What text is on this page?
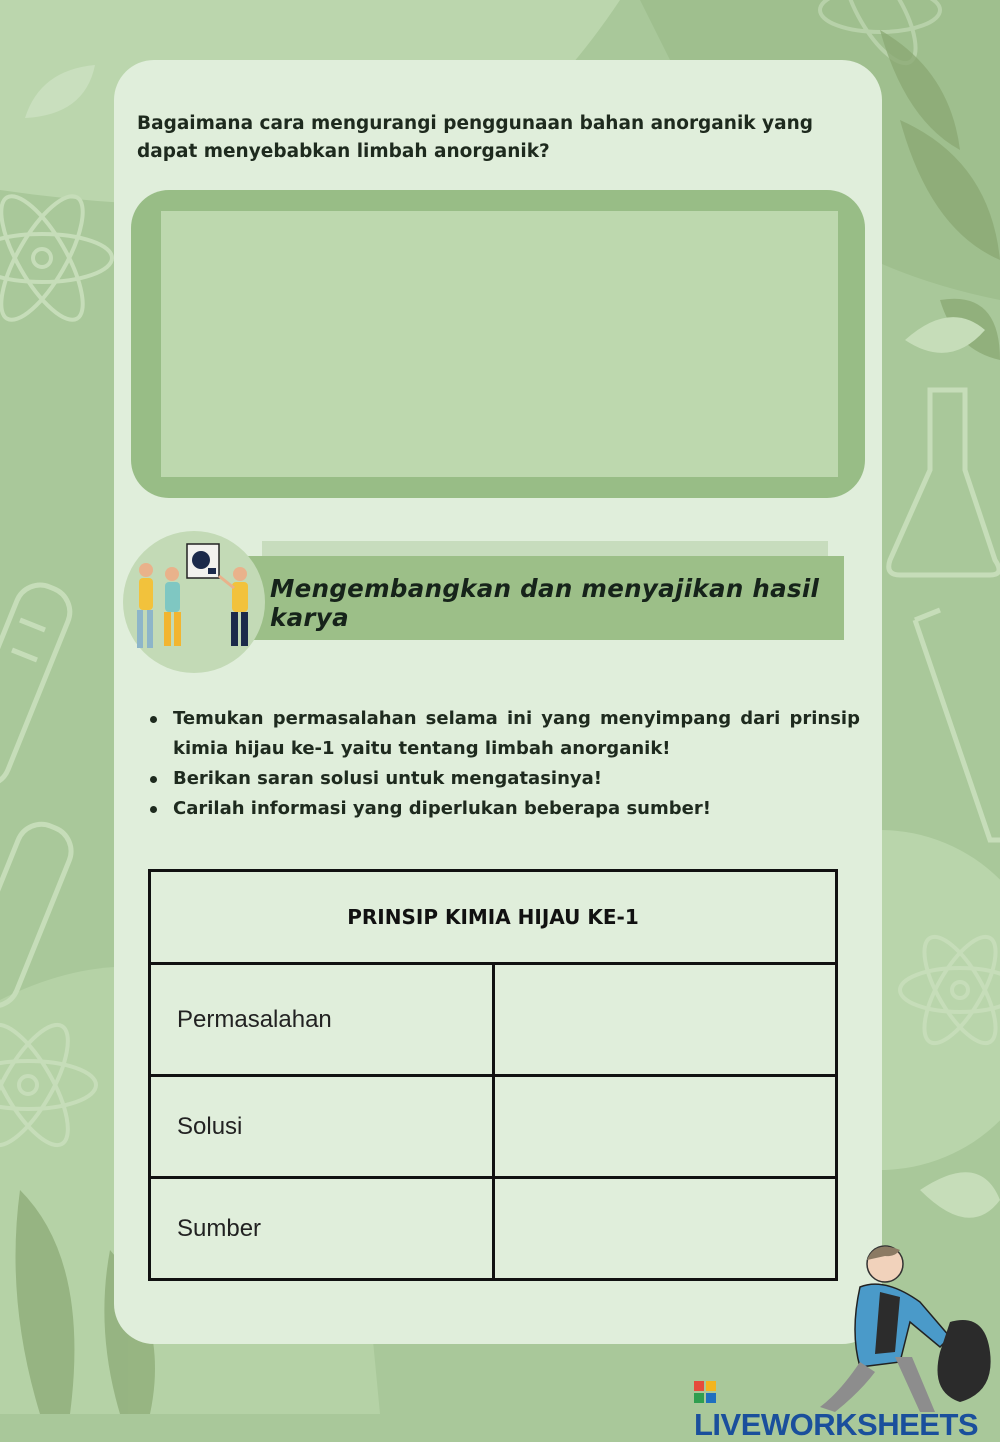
Bagaimana cara mengurangi penggunaan bahan anorganik yang dapat menyebabkan limbah anorganik?
Mengembangkan dan menyajikan hasil karya
Temukan permasalahan selama ini yang menyimpang dari prinsip kimia hijau ke-1 yaitu tentang limbah anorganik!
Berikan saran solusi untuk mengatasinya!
Carilah informasi yang diperlukan beberapa sumber!
PRINSIP KIMIA HIJAU KE-1	
Permasalahan	
Solusi	
Sumber	
LIVEWORKSHEETS
